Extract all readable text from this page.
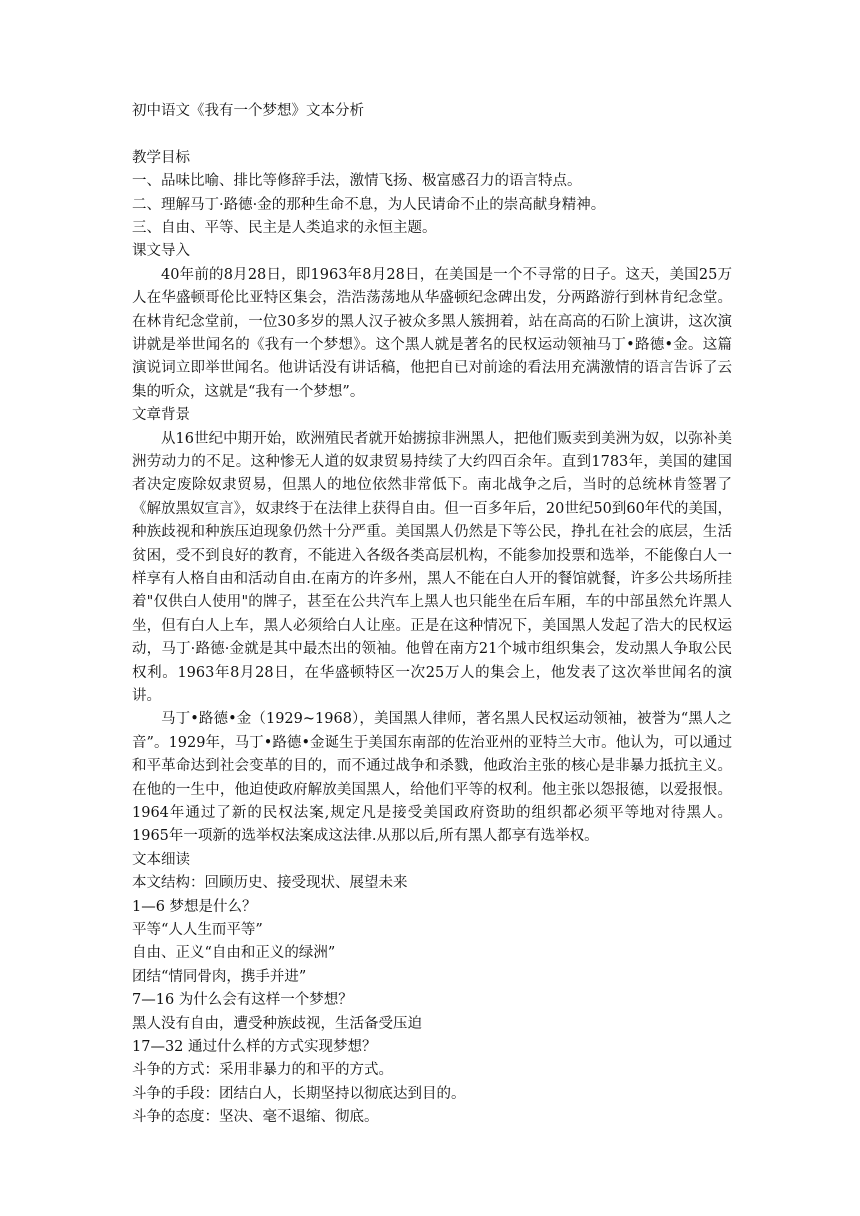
初中语文《我有一个梦想》文本分析
教学目标
一、品味比喻、排比等修辞手法，激情飞扬、极富感召力的语言特点。
二、理解马丁·路德·金的那种生命不息，为人民请命不止的崇高献身精神。
三、自由、平等、民主是人类追求的永恒主题。
课文导入
40年前的8月28日，即1963年8月28日，在美国是一个不寻常的日子。这天，美国25万人在华盛顿哥伦比亚特区集会，浩浩荡荡地从华盛顿纪念碑出发，分两路游行到林肯纪念堂。在林肯纪念堂前，一位30多岁的黑人汉子被众多黑人簇拥着，站在高高的石阶上演讲，这次演讲就是举世闻名的《我有一个梦想》。这个黑人就是著名的民权运动领袖马丁•路德•金。这篇演说词立即举世闻名。他讲话没有讲话稿，他把自已对前途的看法用充满激情的语言告诉了云集的听众，这就是“我有一个梦想”。
文章背景
从16世纪中期开始，欧洲殖民者就开始掳掠非洲黑人，把他们贩卖到美洲为奴，以弥补美洲劳动力的不足。这种惨无人道的奴隶贸易持续了大约四百余年。直到1783年，美国的建国者决定废除奴隶贸易，但黑人的地位依然非常低下。南北战争之后，当时的总统林肯签署了《解放黑奴宣言》，奴隶终于在法律上获得自由。但一百多年后，20世纪50到60年代的美国，种族歧视和种族压迫现象仍然十分严重。美国黑人仍然是下等公民，挣扎在社会的底层，生活贫困，受不到良好的教育，不能进入各级各类高层机构，不能参加投票和选举，不能像白人一样享有人格自由和活动自由.在南方的许多州，黑人不能在白人开的餐馆就餐，许多公共场所挂着"仅供白人使用"的牌子，甚至在公共汽车上黑人也只能坐在后车厢，车的中部虽然允许黑人坐，但有白人上车，黑人必须给白人让座。正是在这种情况下，美国黑人发起了浩大的民权运动，马丁·路德·金就是其中最杰出的领袖。他曾在南方21个城市组织集会，发动黑人争取公民权利。1963年8月28日，在华盛顿特区一次25万人的集会上，他发表了这次举世闻名的演讲。
马丁•路德•金（1929~1968），美国黑人律师，著名黑人民权运动领袖，被誉为“黑人之音”。1929年，马丁•路德•金诞生于美国东南部的佐治亚州的亚特兰大市。他认为，可以通过和平革命达到社会变革的目的，而不通过战争和杀戮，他政治主张的核心是非暴力抵抗主义。在他的一生中，他迫使政府解放美国黑人，给他们平等的权利。他主张以怨报德，以爱报恨。1964年通过了新的民权法案,规定凡是接受美国政府资助的组织都必须平等地对待黑人。1965年一项新的选举权法案成这法律.从那以后,所有黑人都享有选举权。
文本细读
本文结构：回顾历史、接受现状、展望未来
1—6 梦想是什么？
平等“人人生而平等”
自由、正义“自由和正义的绿洲”
团结“情同骨肉，携手并进”
7—16 为什么会有这样一个梦想？
黑人没有自由，遭受种族歧视，生活备受压迫
17—32 通过什么样的方式实现梦想？
斗争的方式：采用非暴力的和平的方式。
斗争的手段：团结白人，长期坚持以彻底达到目的。
斗争的态度：坚决、毫不退缩、彻底。
